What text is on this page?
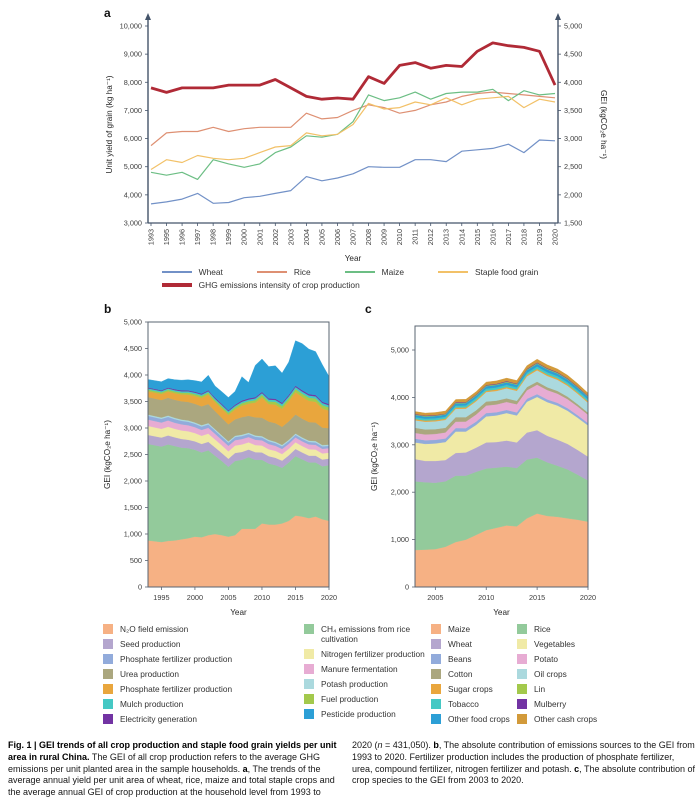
a
3,000
4,000
5,000
6,000
7,000
8,000
9,000
10,000
1,500
2,000
2,500
3,000
3,500
4,000
4,500
5,000
1993 1995 1996 1997 1998 1999 2000 2001 2002 2003 2004 2005 2006 2007 2008 2009 2010 2011 2012 2013 2014 2015 2016 2017 2018 2019 2020
Unit yield of grain (kg ha⁻¹)	GEI (kgCO₂e ha⁻¹)
Year
Wheat	Rice	Maize	Staple food grain
GHG emissions intensity of crop production
b	c
0
500
1,000
1,500
2,000
2,500
3,000
3,500
4,000
4,500
5,000
1995 2000 2005 2010 2015 2020
GEI (kgCO₂e ha⁻¹)
Year
0
1,000
2,000
3,000
4,000
5,000
2005	2010	2015	2020
GEI (kgCO₂e ha⁻¹)
Year
N₂O field emission
Seed production
Phosphate fertilizer production
Urea production
Phosphate fertilizer production
Mulch production
Electricity generation
CH₄ emissions from rice cultivation
Nitrogen fertilizer production
Manure fermentation
Potash production
Fuel production
Pesticide production
Maize
Wheat
Beans
Cotton
Sugar crops
Tobacco
Other food crops
Rice
Vegetables
Potato
Oil crops
Lin
Mulberry
Other cash crops
Fig. 1 | GEI trends of all crop production and staple food grain yields per unit area in rural China. The GEI of all crop production refers to the average GHG emissions per unit planted area in the sample households. a, The trends of the average annual yield per unit area of wheat, rice, maize and total staple crops and the average annual GEI of crop production at the household level from 1993 to
2020 (n = 431,050). b, The absolute contribution of emissions sources to the GEI from 1993 to 2020. Fertilizer production includes the production of phosphate fertilizer, urea, compound fertilizer, nitrogen fertilizer and potash. c, The absolute contribution of crop species to the GEI from 2003 to 2020.
